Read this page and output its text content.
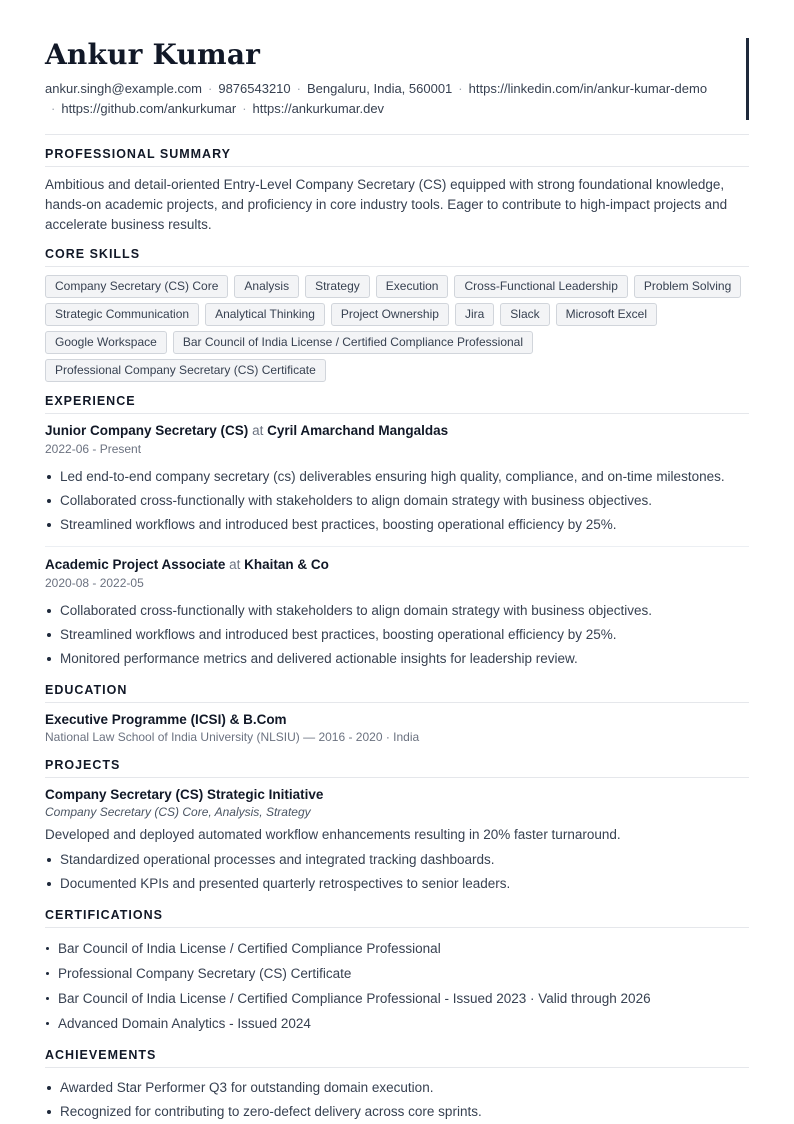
Ankur Kumar
ankur.singh@example.com · 9876543210 · Bengaluru, India, 560001 · https://linkedin.com/in/ankur-kumar-demo
· https://github.com/ankurkumar · https://ankurkumar.dev
PROFESSIONAL SUMMARY
Ambitious and detail-oriented Entry-Level Company Secretary (CS) equipped with strong foundational knowledge, hands-on academic projects, and proficiency in core industry tools. Eager to contribute to high-impact projects and accelerate business results.
CORE SKILLS
Company Secretary (CS) Core	Analysis	Strategy	Execution	Cross-Functional Leadership	Problem Solving
Strategic Communication	Analytical Thinking	Project Ownership	Jira	Slack	Microsoft Excel
Google Workspace	Bar Council of India License / Certified Compliance Professional
Professional Company Secretary (CS) Certificate
EXPERIENCE
Junior Company Secretary (CS) at Cyril Amarchand Mangaldas
2022-06 - Present
Led end-to-end company secretary (cs) deliverables ensuring high quality, compliance, and on-time milestones.
Collaborated cross-functionally with stakeholders to align domain strategy with business objectives.
Streamlined workflows and introduced best practices, boosting operational efficiency by 25%.
Academic Project Associate at Khaitan & Co
2020-08 - 2022-05
Collaborated cross-functionally with stakeholders to align domain strategy with business objectives.
Streamlined workflows and introduced best practices, boosting operational efficiency by 25%.
Monitored performance metrics and delivered actionable insights for leadership review.
EDUCATION
Executive Programme (ICSI) & B.Com
National Law School of India University (NLSIU) — 2016 - 2020 · India
PROJECTS
Company Secretary (CS) Strategic Initiative
Company Secretary (CS) Core, Analysis, Strategy
Developed and deployed automated workflow enhancements resulting in 20% faster turnaround.
Standardized operational processes and integrated tracking dashboards.
Documented KPIs and presented quarterly retrospectives to senior leaders.
CERTIFICATIONS
Bar Council of India License / Certified Compliance Professional
Professional Company Secretary (CS) Certificate
Bar Council of India License / Certified Compliance Professional - Issued 2023 · Valid through 2026
Advanced Domain Analytics - Issued 2024
ACHIEVEMENTS
Awarded Star Performer Q3 for outstanding domain execution.
Recognized for contributing to zero-defect delivery across core sprints.
